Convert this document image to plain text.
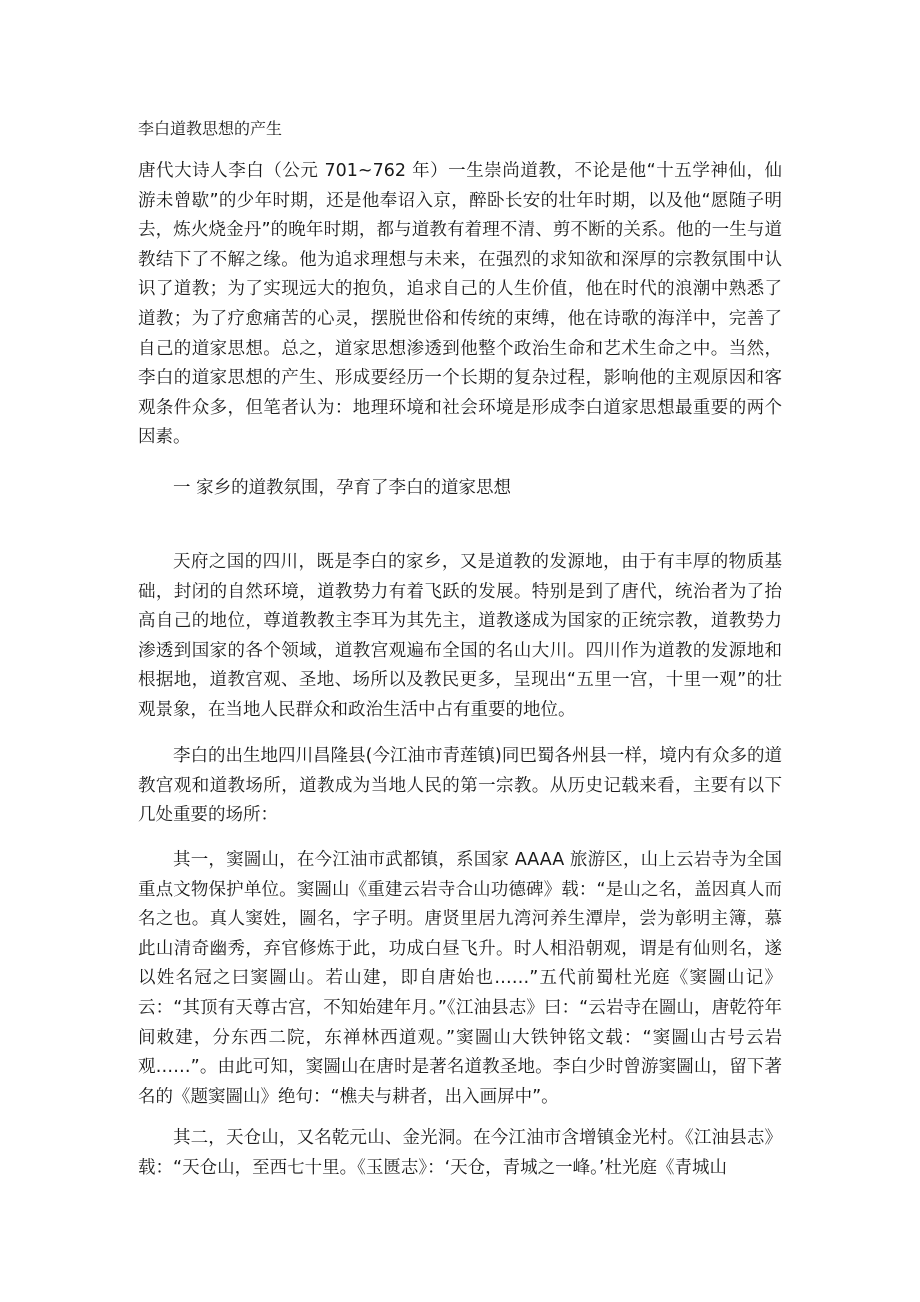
李白道教思想的产生

唐代大诗人李白（公元 701~762 年）一生崇尚道教，不论是他“十五学神仙，仙游未曾歇”的少年时期，还是他奉诏入京，醉卧长安的壮年时期，以及他“愿随子明去，炼火烧金丹”的晚年时期，都与道教有着理不清、剪不断的关系。他的一生与道教结下了不解之缘。他为追求理想与未来，在强烈的求知欲和深厚的宗教氛围中认识了道教；为了实现远大的抱负，追求自己的人生价值，他在时代的浪潮中熟悉了道教；为了疗愈痛苦的心灵，摆脱世俗和传统的束缚，他在诗歌的海洋中，完善了自己的道家思想。总之，道家思想渗透到他整个政治生命和艺术生命之中。当然，李白的道家思想的产生、形成要经历一个长期的复杂过程，影响他的主观原因和客观条件众多，但笔者认为：地理环境和社会环境是形成李白道家思想最重要的两个因素。

一 家乡的道教氛围，孕育了李白的道家思想

天府之国的四川，既是李白的家乡，又是道教的发源地，由于有丰厚的物质基础，封闭的自然环境，道教势力有着飞跃的发展。特别是到了唐代，统治者为了抬高自己的地位，尊道教教主李耳为其先主，道教遂成为国家的正统宗教，道教势力渗透到国家的各个领域，道教宫观遍布全国的名山大川。四川作为道教的发源地和根据地，道教宫观、圣地、场所以及教民更多，呈现出“五里一宫，十里一观”的壮观景象，在当地人民群众和政治生活中占有重要的地位。

李白的出生地四川昌隆县(今江油市青莲镇)同巴蜀各州县一样，境内有众多的道教宫观和道教场所，道教成为当地人民的第一宗教。从历史记载来看，主要有以下几处重要的场所：

其一，窦圌山，在今江油市武都镇，系国家 AAAA 旅游区，山上云岩寺为全国重点文物保护单位。窦圌山《重建云岩寺合山功德碑》载：“是山之名，盖因真人而名之也。真人窦姓，圌名，字子明。唐贤里居九湾河养生潭岸，尝为彰明主簿，慕此山清奇幽秀，弃官修炼于此，功成白昼飞升。时人相沿朝观，谓是有仙则名，遂以姓名冠之曰窦圌山。若山建，即自唐始也……”五代前蜀杜光庭《窦圌山记》云：“其顶有天尊古宫，不知始建年月。”《江油县志》曰：“云岩寺在圌山，唐乾符年间敕建，分东西二院，东禅林西道观。”窦圌山大铁钟铭文载：“窦圌山古号云岩观……”。由此可知，窦圌山在唐时是著名道教圣地。李白少时曾游窦圌山，留下著名的《题窦圌山》绝句：“樵夫与耕者，出入画屏中”。

其二，天仓山，又名乾元山、金光洞。在今江油市含增镇金光村。《江油县志》载：“天仓山，至西七十里。《玉匮志》：‘天仓，青城之一峰。’杜光庭《青城山
